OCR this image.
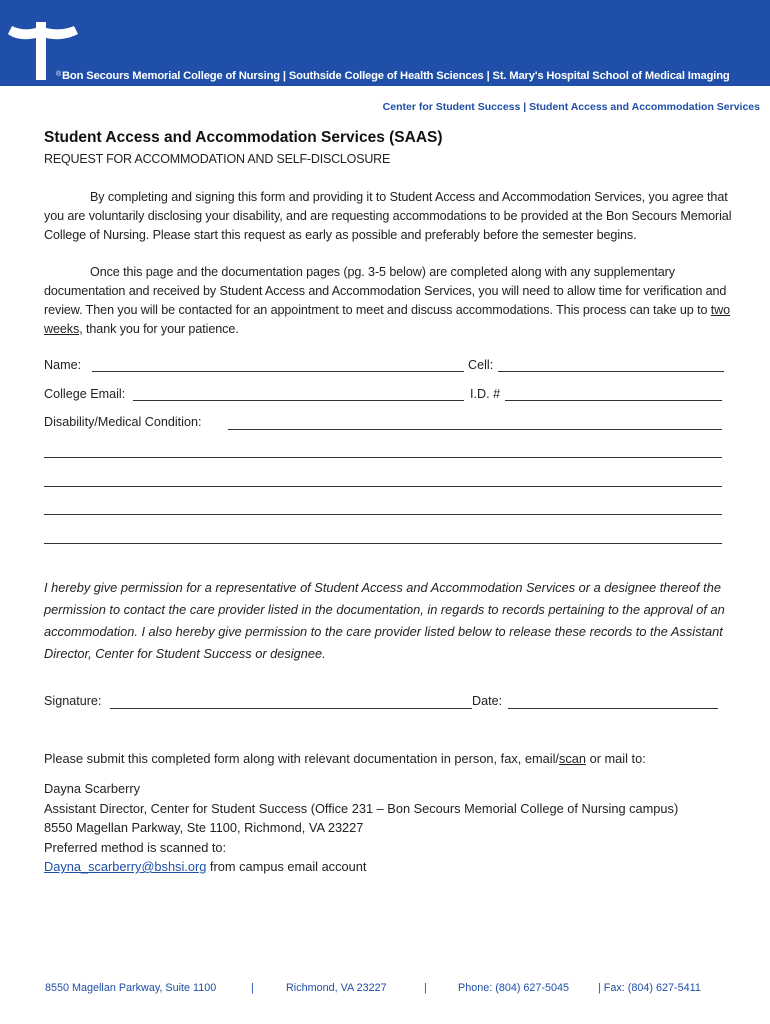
® Bon Secours Memorial College of Nursing | Southside College of Health Sciences | St. Mary's Hospital School of Medical Imaging
Center for Student Success | Student Access and Accommodation Services
Student Access and Accommodation Services (SAAS)
REQUEST FOR ACCOMMODATION AND SELF-DISCLOSURE
By completing and signing this form and providing it to Student Access and Accommodation Services, you agree that you are voluntarily disclosing your disability, and are requesting accommodations to be provided at the Bon Secours Memorial College of Nursing. Please start this request as early as possible and preferably before the semester begins.
Once this page and the documentation pages (pg. 3-5 below) are completed along with any supplementary documentation and received by Student Access and Accommodation Services, you will need to allow time for verification and review. Then you will be contacted for an appointment to meet and discuss accommodations. This process can take up to two weeks, thank you for your patience.
Name:	Cell:
College Email:	I.D. #
Disability/Medical Condition:
I hereby give permission for a representative of Student Access and Accommodation Services or a designee thereof the permission to contact the care provider listed in the documentation, in regards to records pertaining to the approval of an accommodation. I also hereby give permission to the care provider listed below to release these records to the Assistant Director, Center for Student Success or designee.
Signature:	Date:
Please submit this completed form along with relevant documentation in person, fax, email/scan or mail to:
Dayna Scarberry
Assistant Director, Center for Student Success (Office 231 – Bon Secours Memorial College of Nursing campus)
8550 Magellan Parkway, Ste 1100, Richmond, VA 23227
Preferred method is scanned to:
Dayna_scarberry@bshsi.org from campus email account
8550 Magellan Parkway, Suite 1100	|	Richmond, VA 23227	|	Phone: (804) 627-5045	| Fax: (804) 627-5411
